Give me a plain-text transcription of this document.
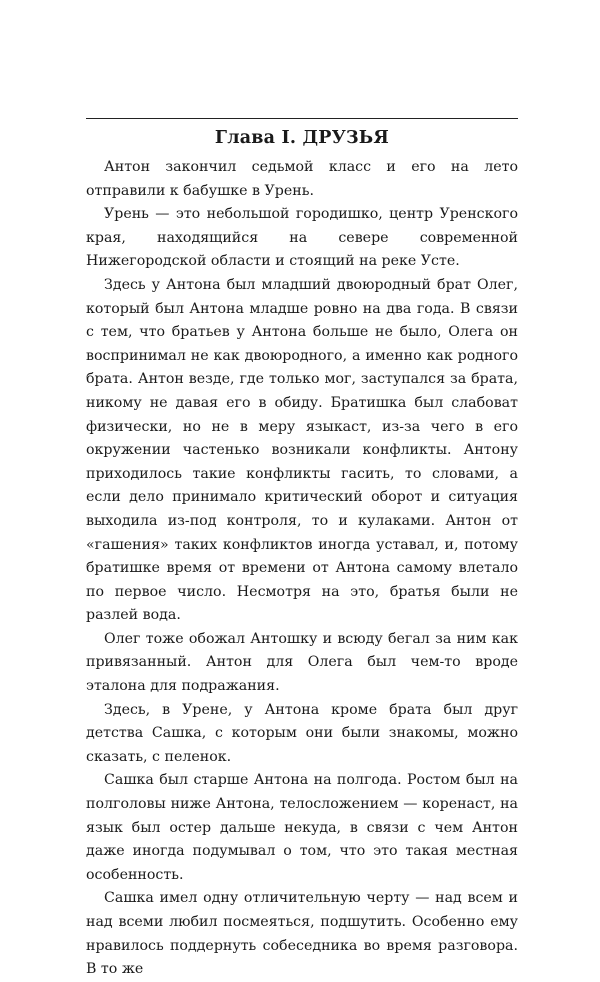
Глава I. ДРУЗЬЯ

Антон закончил седьмой класс и его на лето отправили к бабушке в Урень.

Урень — это небольшой городишко, центр Уренского края, находящийся на севере современной Нижегородской области и стоящий на реке Усте.

Здесь у Антона был младший двоюродный брат Олег, который был Антона младше ровно на два года. В связи с тем, что братьев у Антона больше не было, Олега он воспринимал не как двоюродного, а именно как родного брата. Антон везде, где только мог, заступался за брата, никому не давая его в обиду. Братишка был слабоват физически, но не в меру языкаст, из-за чего в его окружении частенько возникали конфликты. Антону приходилось такие конфликты гасить, то словами, а если дело принимало критический оборот и ситуация выходила из-под контроля, то и кулаками. Антон от «гашения» таких конфликтов иногда уставал, и, потому братишке время от времени от Антона самому влетало по первое число. Несмотря на это, братья были не разлей вода.

Олег тоже обожал Антошку и всюду бегал за ним как привязанный. Антон для Олега был чем-то вроде эталона для подражания.

Здесь, в Урене, у Антона кроме брата был друг детства Сашка, с которым они были знакомы, можно сказать, с пеленок.

Сашка был старше Антона на полгода. Ростом был на полголовы ниже Антона, телосложением — коренаст, на язык был остер дальше некуда, в связи с чем Антон даже иногда подумывал о том, что это такая местная особенность.

Сашка имел одну отличительную черту — над всем и над всеми любил посмеяться, подшутить. Особенно ему нравилось поддернуть собеседника во время разговора. В то же
